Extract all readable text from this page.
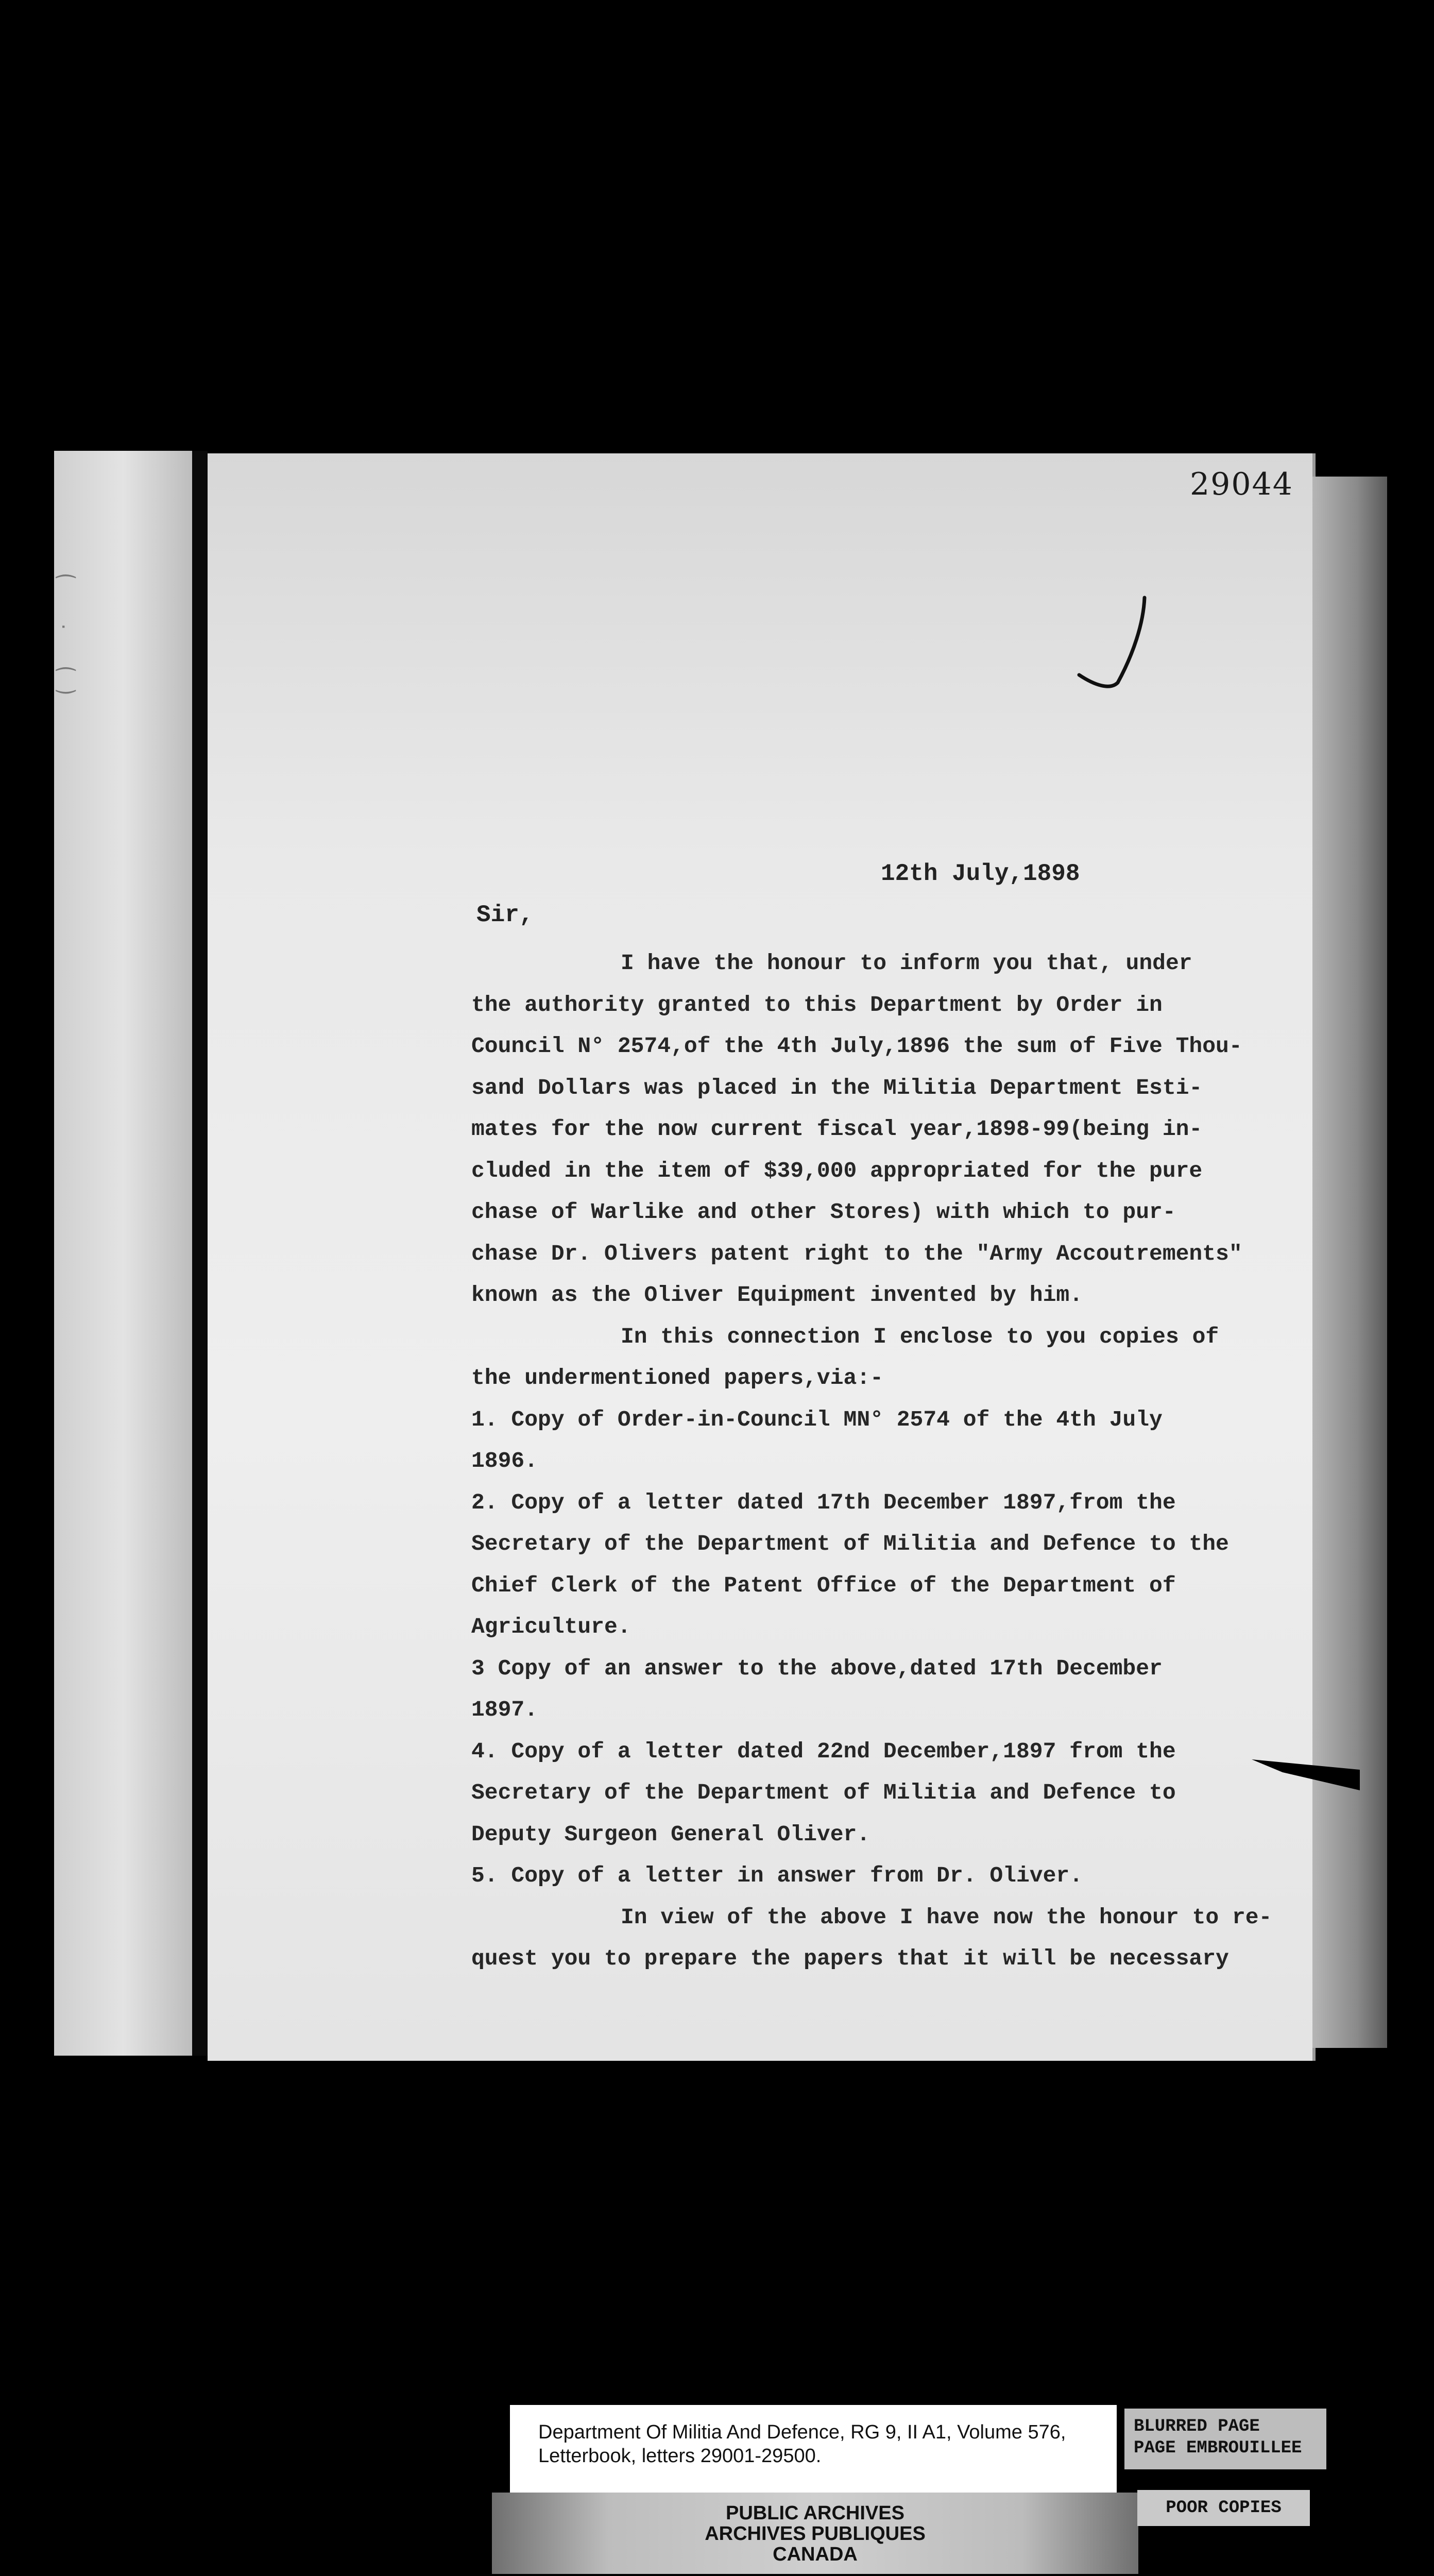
⁀
˙
⁐
29044
12th July,1898
Sir,
I have the honour to inform you that, under
the authority granted to this Department by Order in
Council N° 2574,of the 4th July,1896 the sum of Five Thou-
sand Dollars was placed in the Militia Department Esti-
mates for the now current fiscal year,1898-99(being in-
cluded in the item of $39,000 appropriated for the pure
chase of Warlike and other Stores) with which to pur-
chase Dr. Olivers patent right to the "Army Accoutrements"
known as the Oliver Equipment invented by him.
In this connection I enclose to you copies of
the undermentioned papers,via:-
1. Copy of Order-in-Council MN° 2574 of the 4th July
1896.
2. Copy of a letter dated 17th December 1897,from the
Secretary of the Department of Militia and Defence to the
Chief Clerk of the Patent Office of the Department of
Agriculture.
3 Copy of an answer to the above,dated 17th December
1897.
4. Copy of a letter dated 22nd December,1897 from the
Secretary of the Department of Militia and Defence to
Deputy Surgeon General Oliver.
5. Copy of a letter in answer from Dr. Oliver.
In view of the above I have now the honour to re-
quest you to prepare the papers that it will be necessary
Department Of Militia And Defence, RG 9, II A1, Volume 576,
Letterbook, letters 29001-29500.
PUBLIC ARCHIVES
ARCHIVES PUBLIQUES
CANADA
BLURRED PAGE
PAGE EMBROUILLEE
POOR COPIES
